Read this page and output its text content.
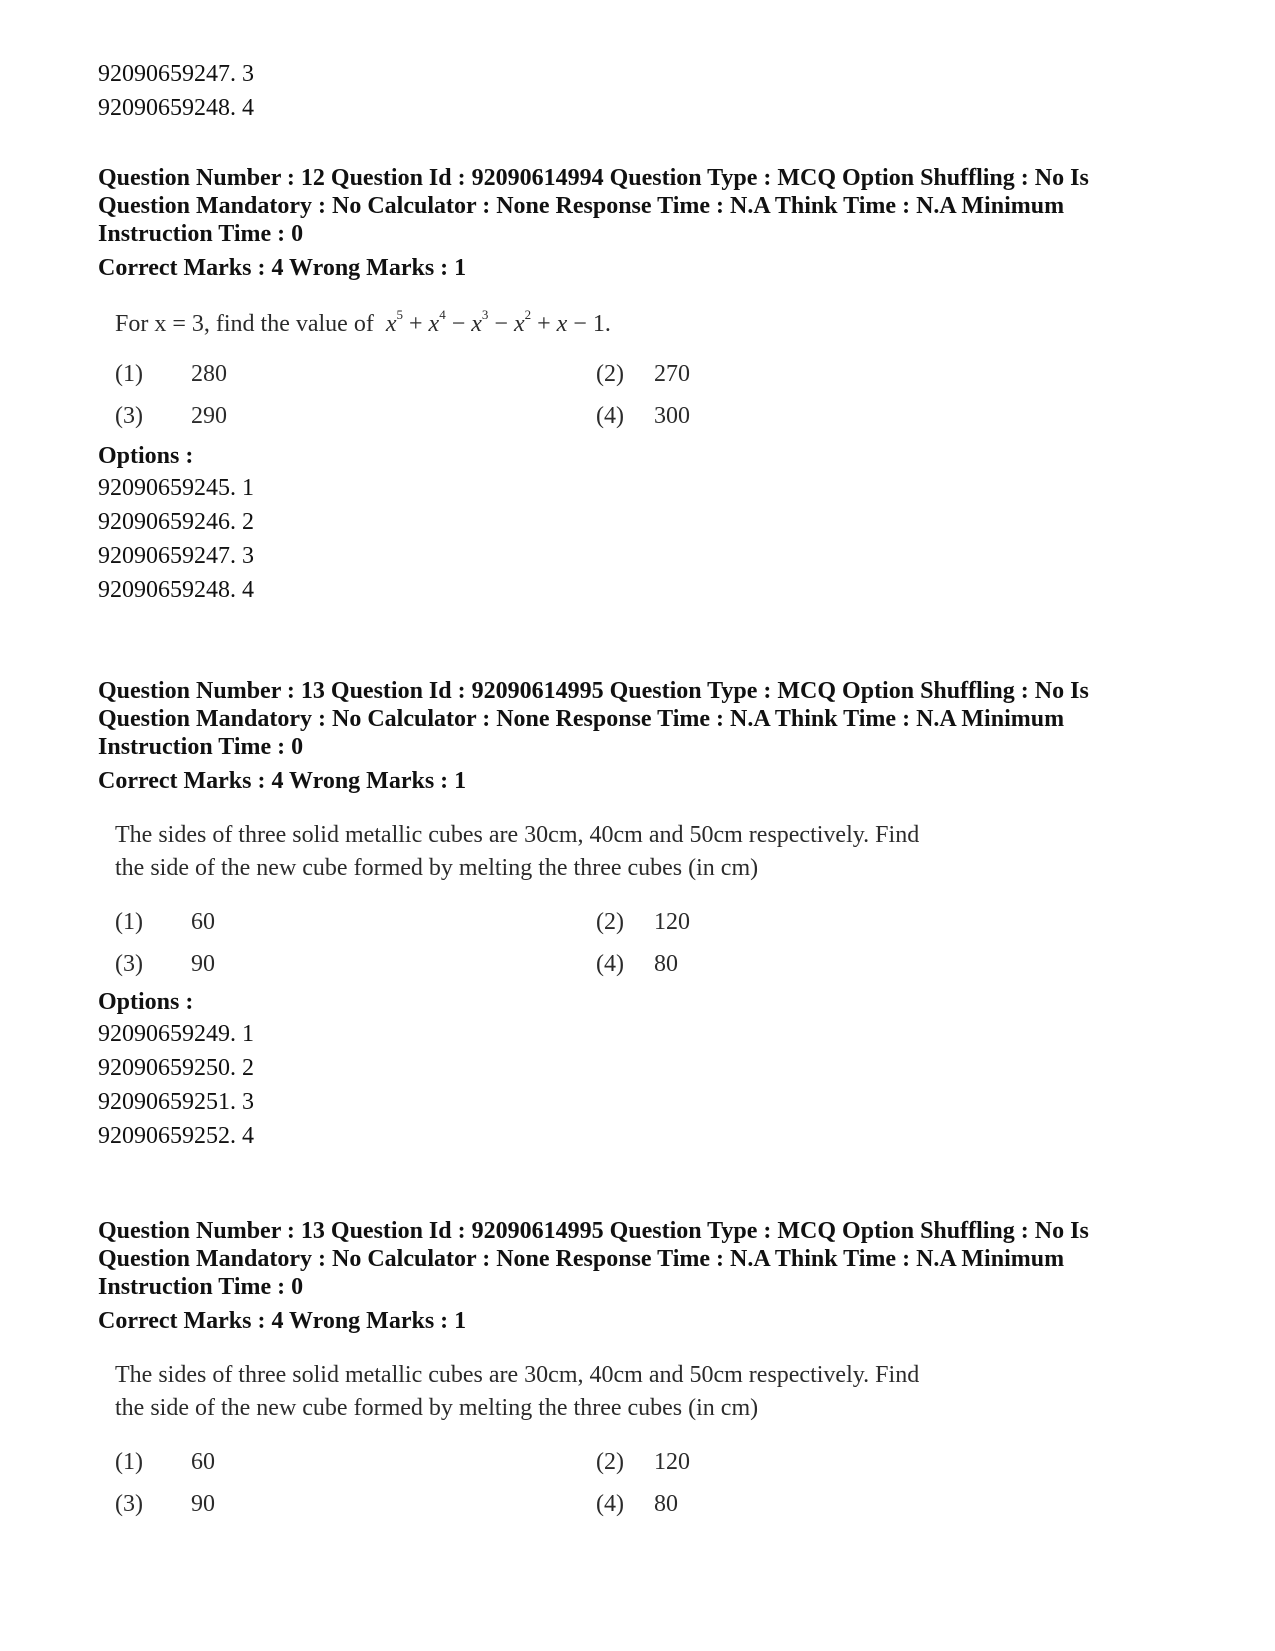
92090659247. 3

92090659248. 4

Question Number : 12 Question Id : 92090614994 Question Type : MCQ Option Shuffling : No Is

Question Mandatory : No Calculator : None Response Time : N.A Think Time : N.A Minimum

Instruction Time : 0

Correct Marks : 4 Wrong Marks : 1

For x = 3, find the value of $x^5 + x^4 - x^3 - x^2 + x - 1$.

(1) 280	(2) 270
(3) 290	(4) 300

Options :

92090659245. 1

92090659246. 2

92090659247. 3

92090659248. 4

Question Number : 13 Question Id : 92090614995 Question Type : MCQ Option Shuffling : No Is

Question Mandatory : No Calculator : None Response Time : N.A Think Time : N.A Minimum

Instruction Time : 0

Correct Marks : 4 Wrong Marks : 1

The sides of three solid metallic cubes are 30cm, 40cm and 50cm respectively. Find

the side of the new cube formed by melting the three cubes (in cm)

(1) 60	(2) 120
(3) 90	(4) 80

Options :

92090659249. 1

92090659250. 2

92090659251. 3

92090659252. 4

Question Number : 13 Question Id : 92090614995 Question Type : MCQ Option Shuffling : No Is

Question Mandatory : No Calculator : None Response Time : N.A Think Time : N.A Minimum

Instruction Time : 0

Correct Marks : 4 Wrong Marks : 1

The sides of three solid metallic cubes are 30cm, 40cm and 50cm respectively. Find

the side of the new cube formed by melting the three cubes (in cm)

(1) 60	(2) 120
(3) 90	(4) 80
